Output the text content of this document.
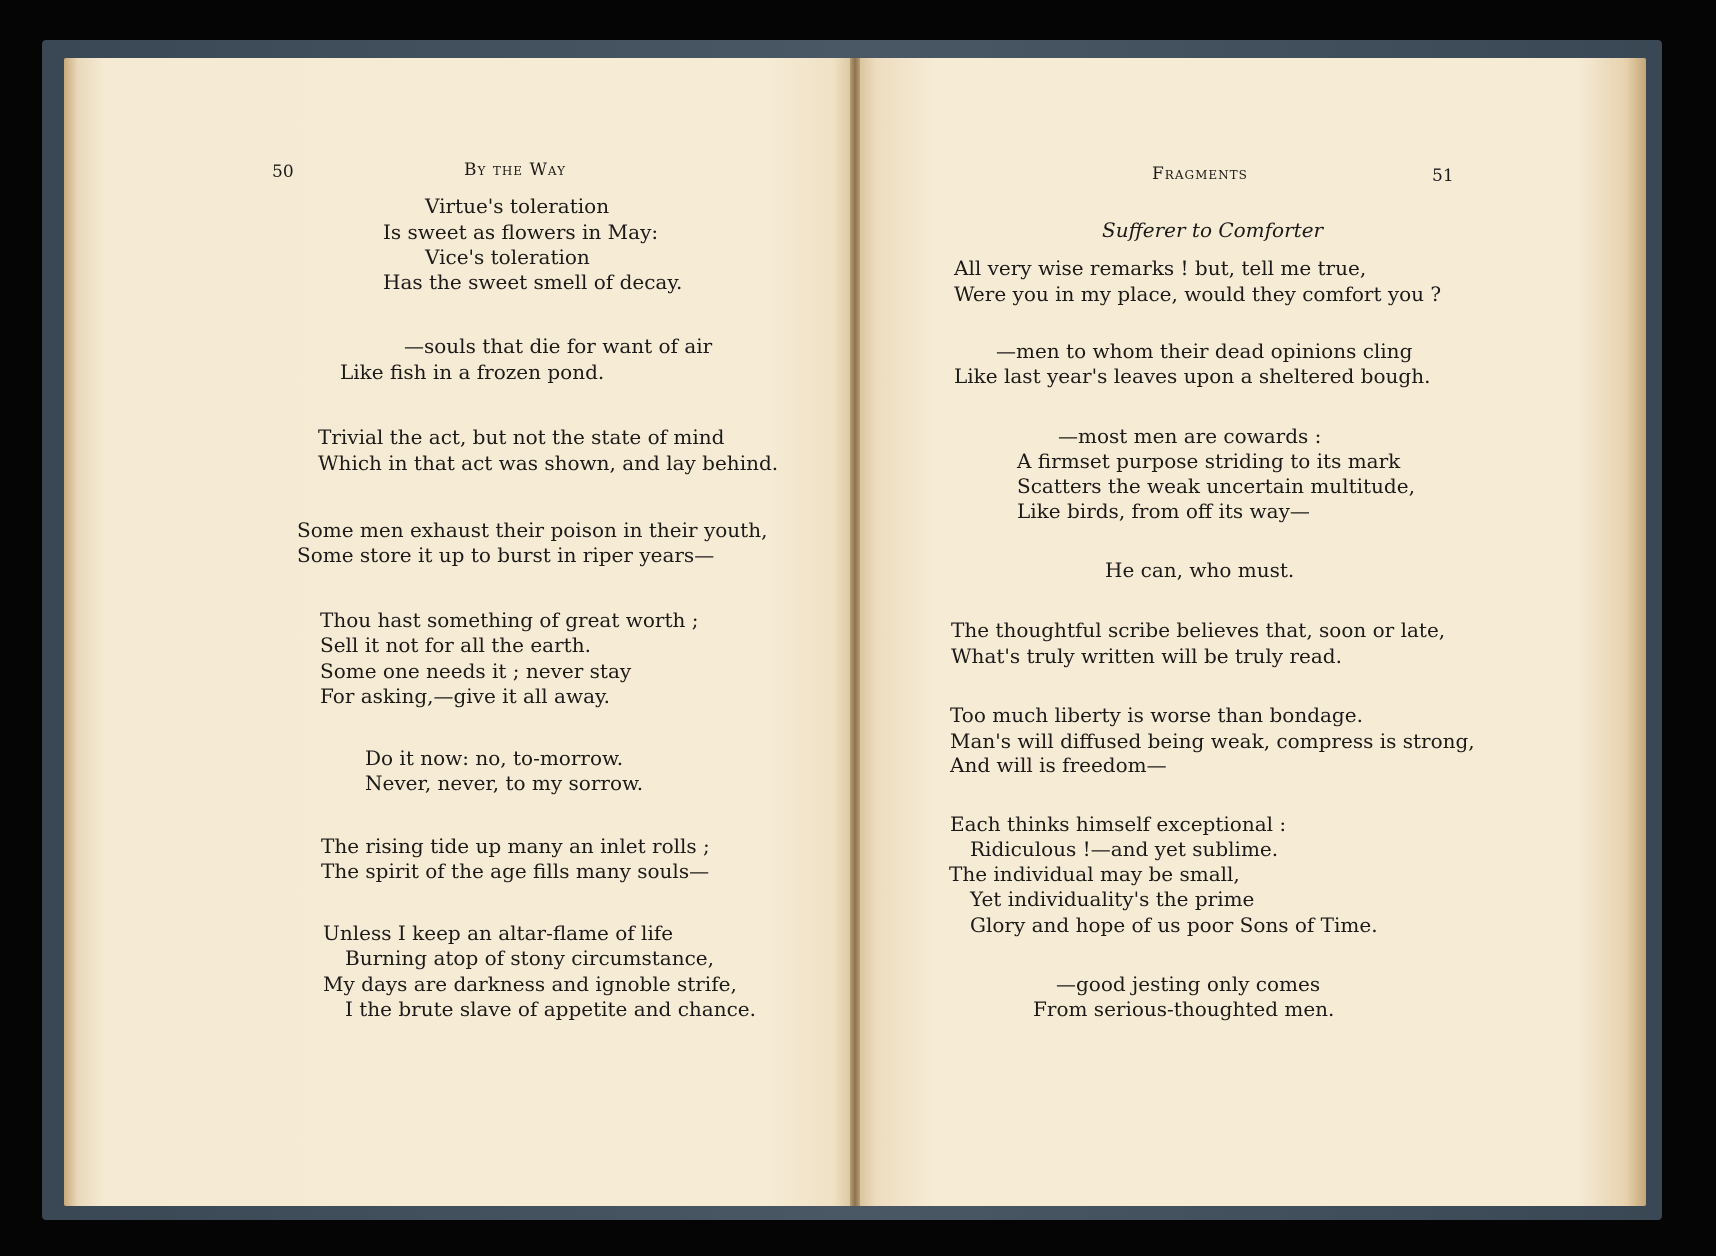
50	By the Way
Virtue's toleration
Is sweet as flowers in May:
Vice's toleration
Has the sweet smell of decay.
—souls that die for want of air
Like fish in a frozen pond.
Trivial the act, but not the state of mind
Which in that act was shown, and lay behind.
Some men exhaust their poison in their youth,
Some store it up to burst in riper years—
Thou hast something of great worth ;
Sell it not for all the earth.
Some one needs it ; never stay
For asking,—give it all away.
Do it now: no, to-morrow.
Never, never, to my sorrow.
The rising tide up many an inlet rolls ;
The spirit of the age fills many souls—
Unless I keep an altar-flame of life
Burning atop of stony circumstance,
My days are darkness and ignoble strife,
I the brute slave of appetite and chance.
Fragments	51
Sufferer to Comforter
All very wise remarks ! but, tell me true,
Were you in my place, would they comfort you ?
—men to whom their dead opinions cling
Like last year's leaves upon a sheltered bough.
—most men are cowards :
A firmset purpose striding to its mark
Scatters the weak uncertain multitude,
Like birds, from off its way—
He can, who must.
The thoughtful scribe believes that, soon or late,
What's truly written will be truly read.
Too much liberty is worse than bondage.
Man's will diffused being weak, compress is strong,
And will is freedom—
Each thinks himself exceptional :
Ridiculous !—and yet sublime.
The individual may be small,
Yet individuality's the prime
Glory and hope of us poor Sons of Time.
—good jesting only comes
From serious-thoughted men.
